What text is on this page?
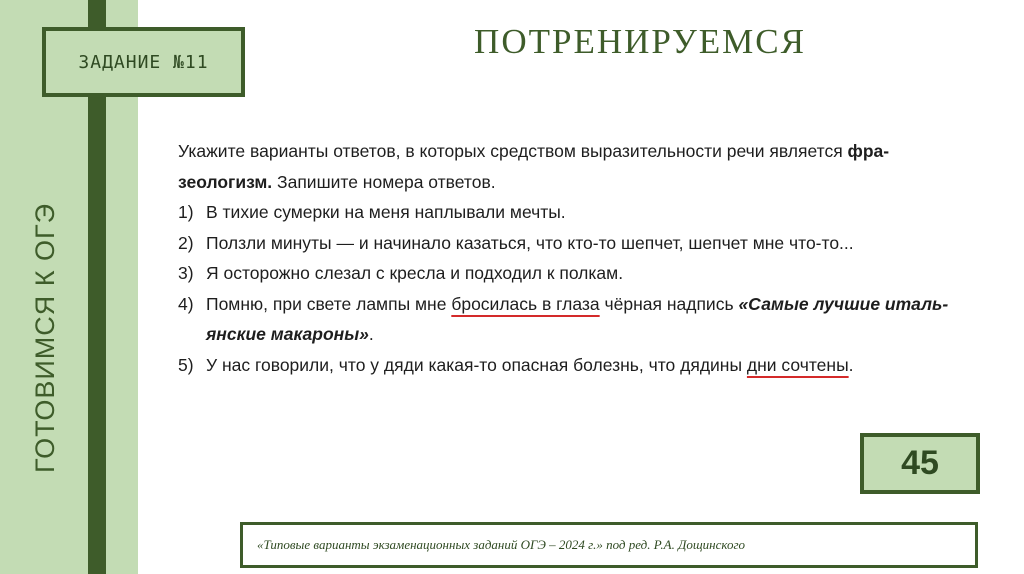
ГОТОВИМСЯ К ОГЭ
ЗАДАНИЕ №11
ПОТРЕНИРУЕМСЯ

Укажите варианты ответов, в которых средством выразительности речи является фра-

зеологизм. Запишите номера ответов.

1) В тихие сумерки на меня наплывали мечты.

2) Ползли минуты — и начинало казаться, что кто-то шепчет, шепчет мне что-то...

3) Я осторожно слезал с кресла и подходил к полкам.

4) Помню, при свете лампы мне бросилась в глаза чёрная надпись «Самые лучшие италь-

янские макароны».

5) У нас говорили, что у дяди какая-то опасная болезнь, что дядины дни сочтены.

45
«Типовые варианты экзаменационных заданий ОГЭ – 2024 г.» под ред. Р.А. Дощинского
